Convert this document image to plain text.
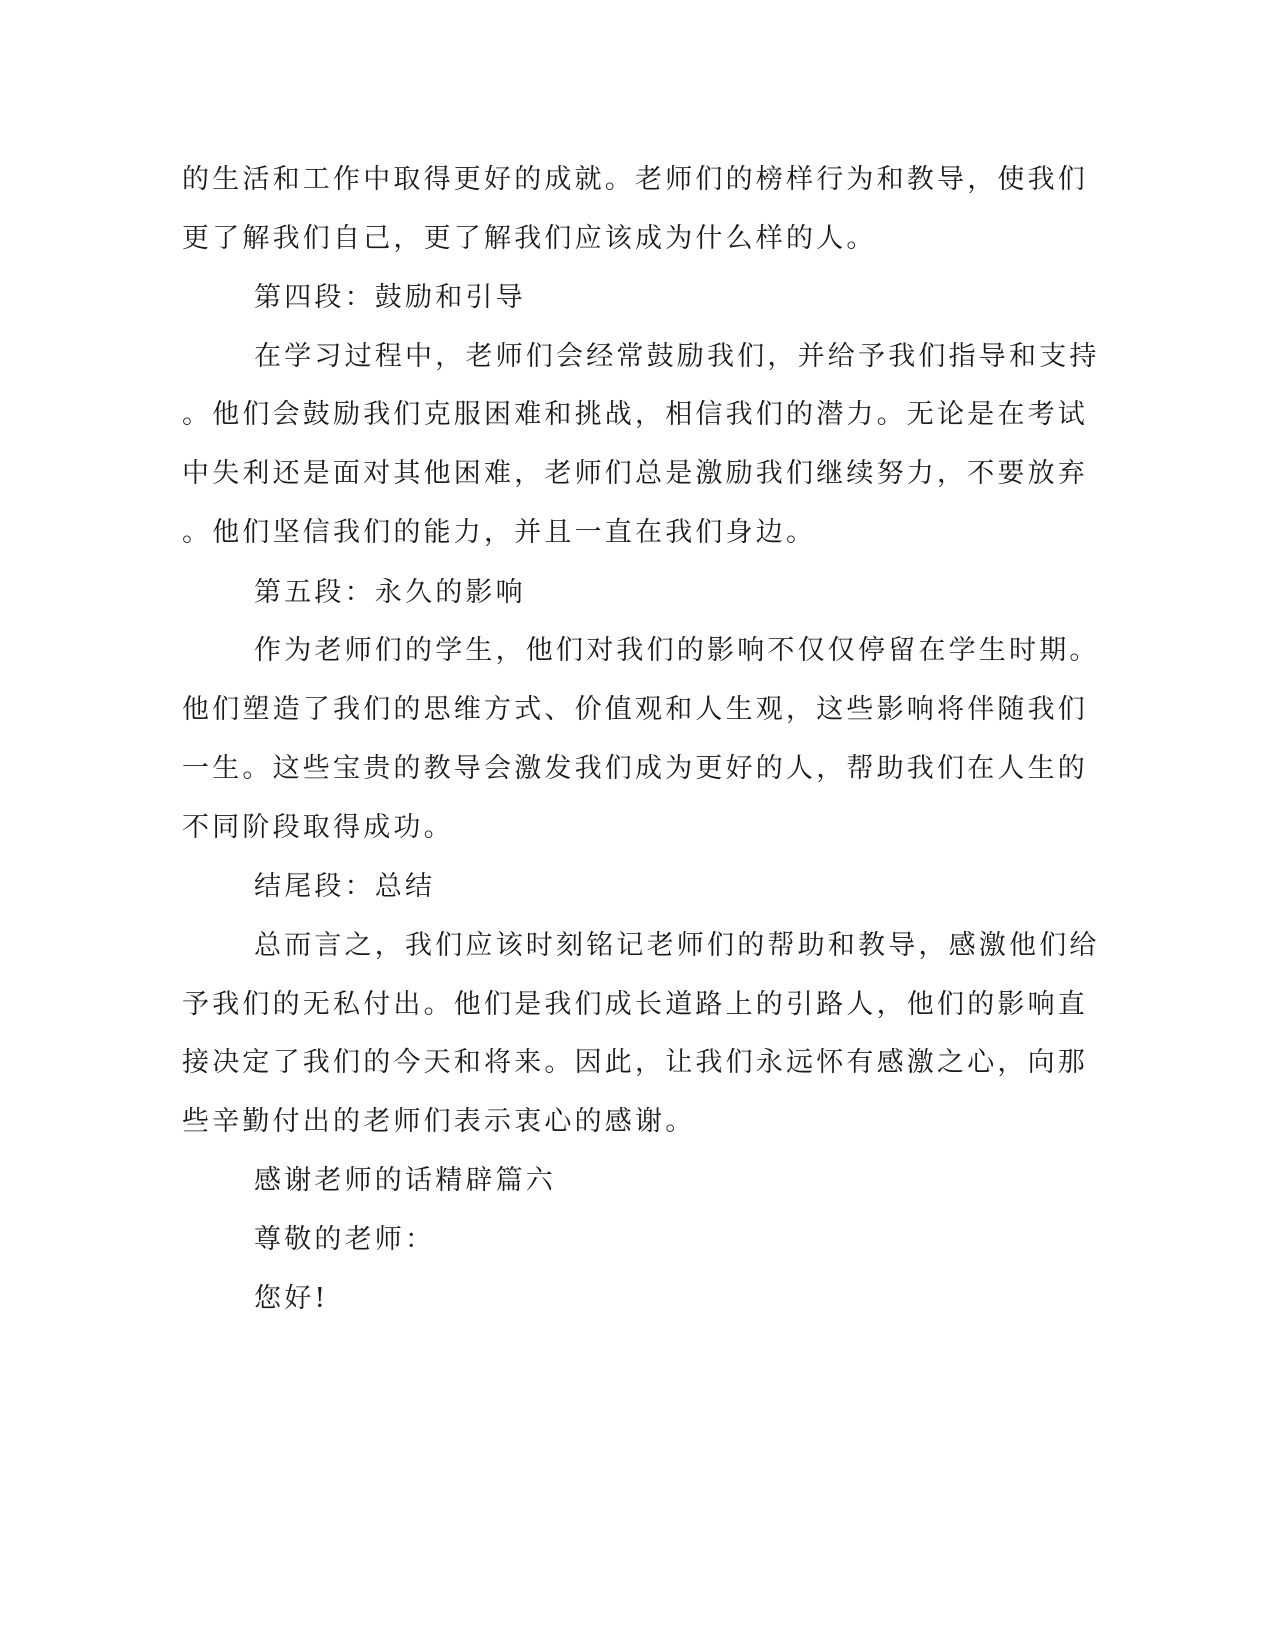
的生活和工作中取得更好的成就。老师们的榜样行为和教导，使我们
更了解我们自己，更了解我们应该成为什么样的人。
第四段：鼓励和引导
在学习过程中，老师们会经常鼓励我们，并给予我们指导和支持
。他们会鼓励我们克服困难和挑战，相信我们的潜力。无论是在考试
中失利还是面对其他困难，老师们总是激励我们继续努力，不要放弃
。他们坚信我们的能力，并且一直在我们身边。
第五段：永久的影响
作为老师们的学生，他们对我们的影响不仅仅停留在学生时期。
他们塑造了我们的思维方式、价值观和人生观，这些影响将伴随我们
一生。这些宝贵的教导会激发我们成为更好的人，帮助我们在人生的
不同阶段取得成功。
结尾段：总结
总而言之，我们应该时刻铭记老师们的帮助和教导，感激他们给
予我们的无私付出。他们是我们成长道路上的引路人，他们的影响直
接决定了我们的今天和将来。因此，让我们永远怀有感激之心，向那
些辛勤付出的老师们表示衷心的感谢。
感谢老师的话精辟篇六
尊敬的老师：
您好!
